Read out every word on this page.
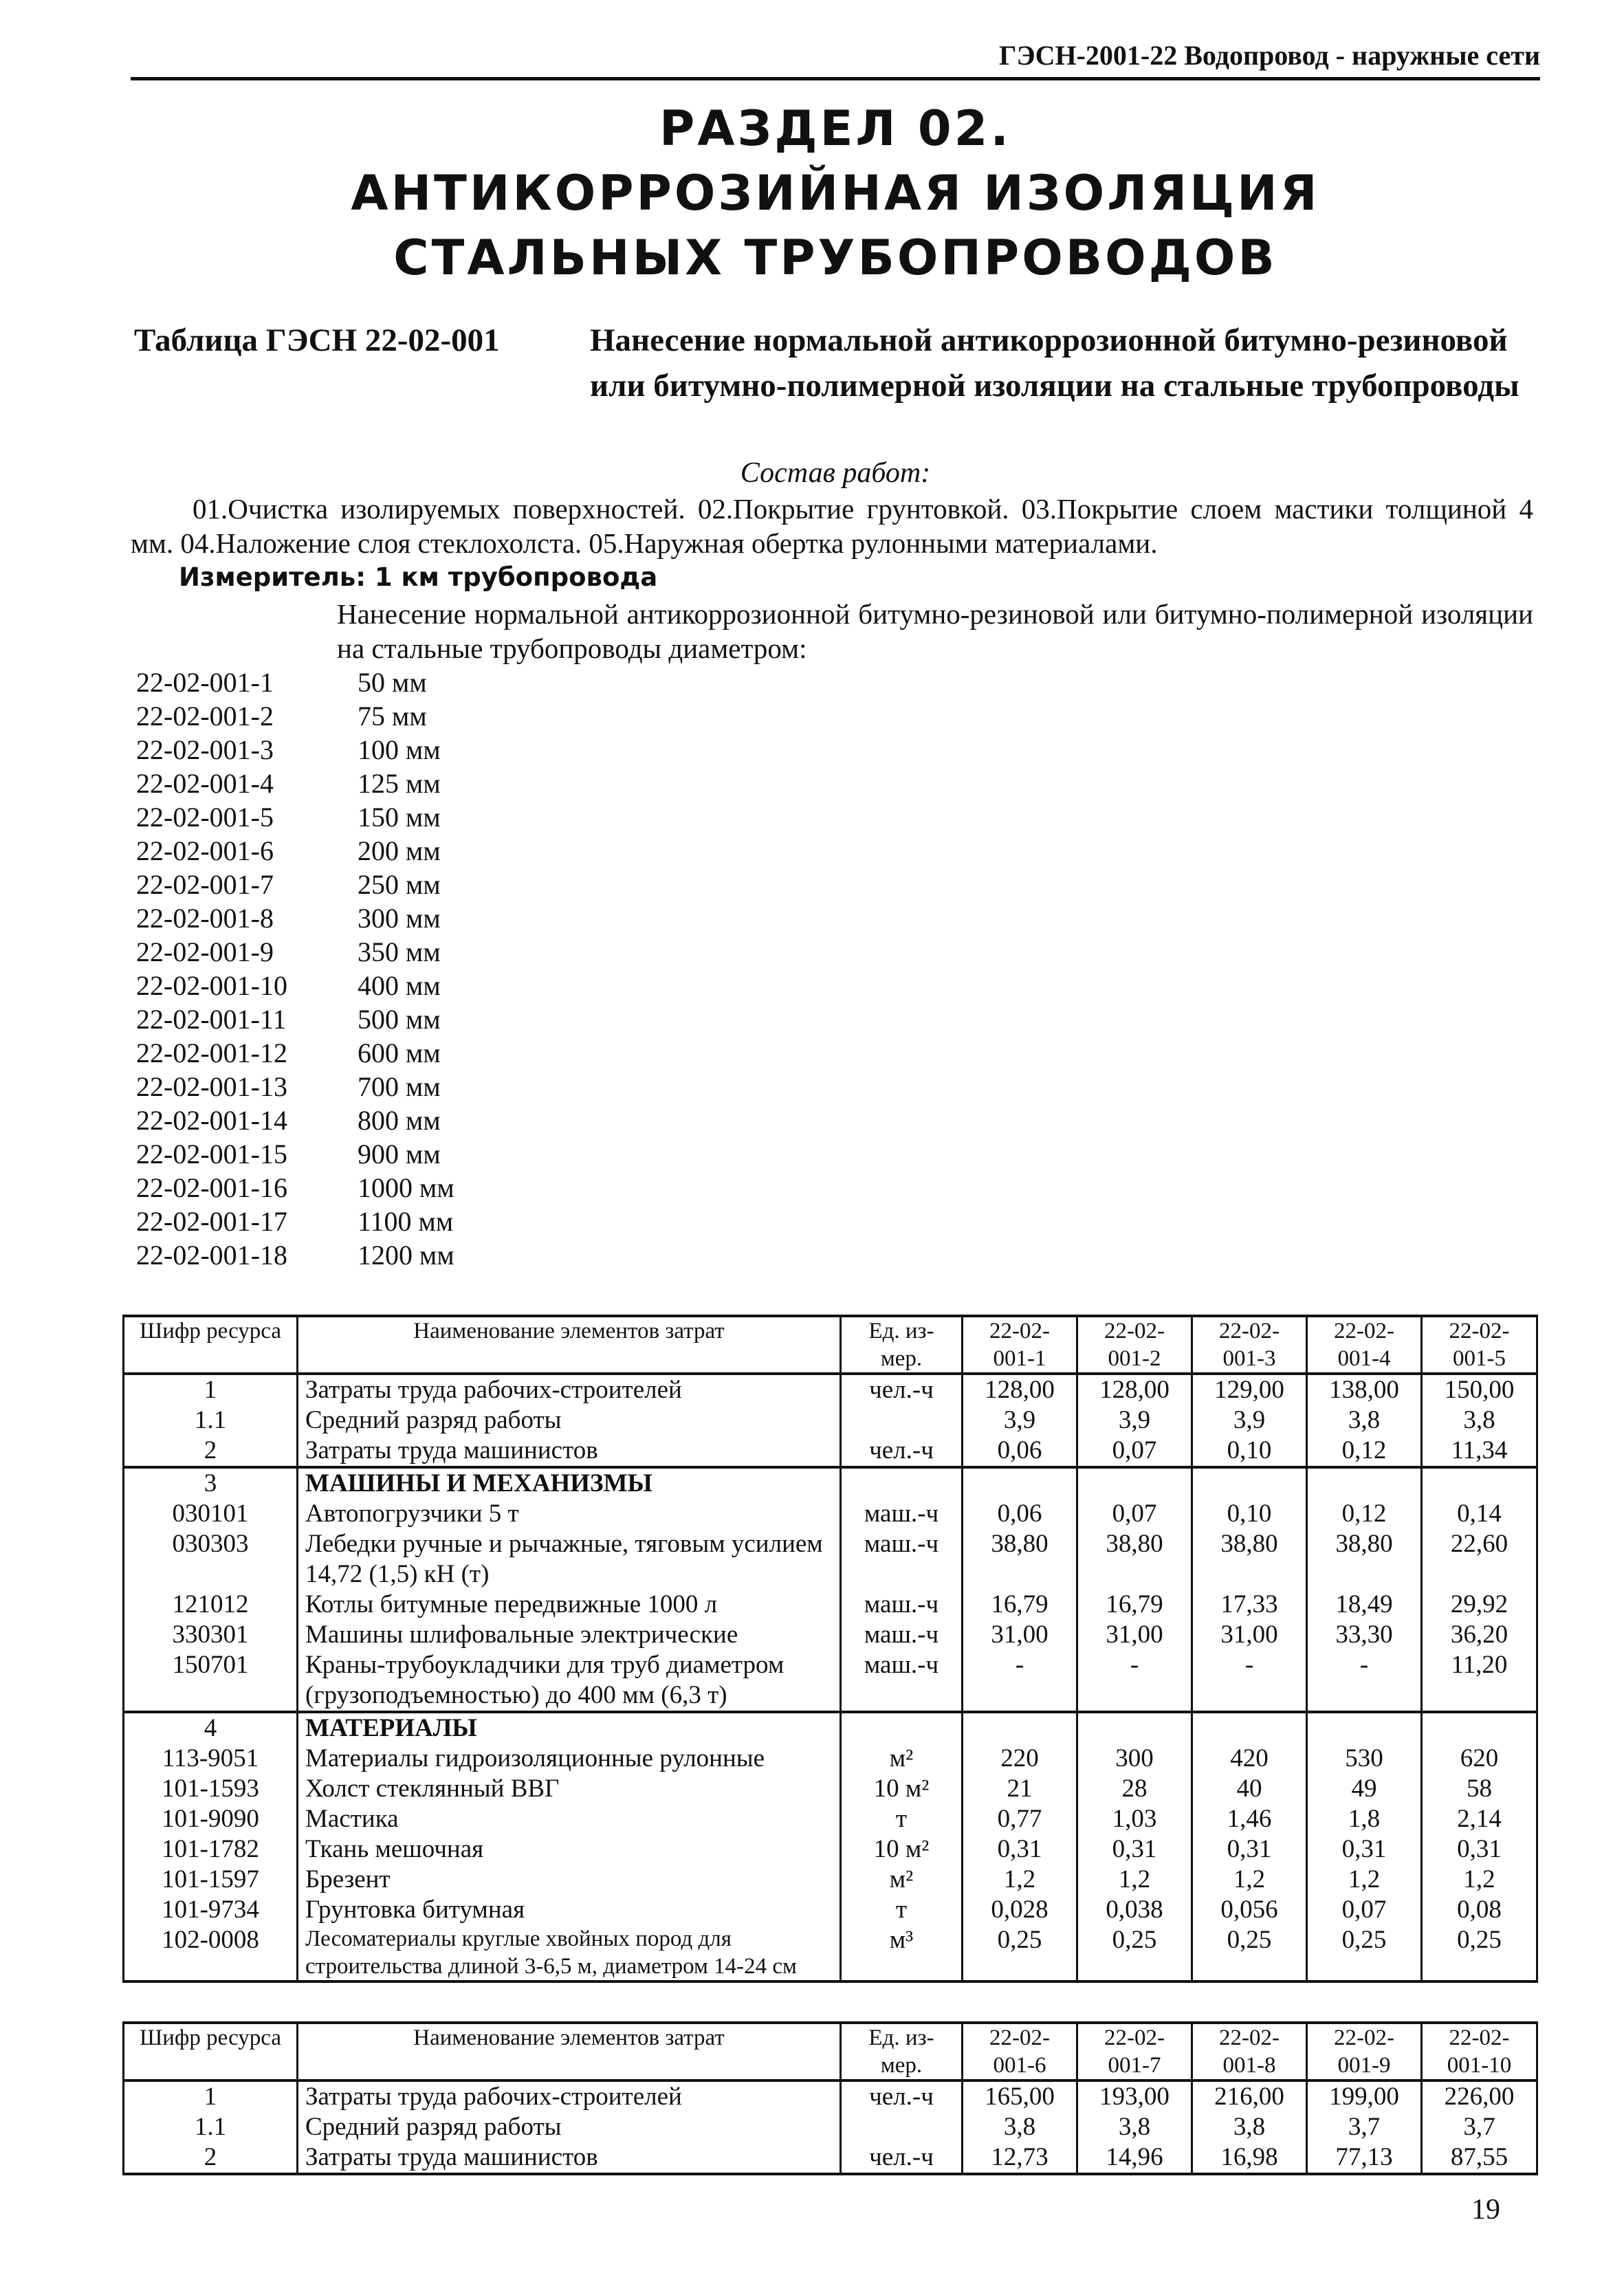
ГЭСН-2001-22 Водопровод - наружные сети
РАЗДЕЛ 02.
АНТИКОРРОЗИЙНАЯ ИЗОЛЯЦИЯ
СТАЛЬНЫХ ТРУБОПРОВОДОВ
Таблица ГЭСН 22-02-001	Нанесение нормальной антикоррозионной битумно-резиновой или битумно-полимерной изоляции на стальные трубопроводы
Состав работ:
01.Очистка изолируемых поверхностей. 02.Покрытие грунтовкой. 03.Покрытие слоем мастики толщиной 4 мм. 04.Наложение слоя стеклохолста. 05.Наружная обертка рулонными материалами.
Измеритель: 1 км трубопровода
Нанесение нормальной антикоррозионной битумно-резиновой или битумно-полимерной изоляции на стальные трубопроводы диаметром:
22-02-001-1	50 мм
22-02-001-2	75 мм
22-02-001-3	100 мм
22-02-001-4	125 мм
22-02-001-5	150 мм
22-02-001-6	200 мм
22-02-001-7	250 мм
22-02-001-8	300 мм
22-02-001-9	350 мм
22-02-001-10	400 мм
22-02-001-11	500 мм
22-02-001-12	600 мм
22-02-001-13	700 мм
22-02-001-14	800 мм
22-02-001-15	900 мм
22-02-001-16	1000 мм
22-02-001-17	1100 мм
22-02-001-18	1200 мм
Шифр ресурса	Наименование элементов затрат	Ед. из-мер.	22-02-001-1	22-02-001-2	22-02-001-3	22-02-001-4	22-02-001-5
1	Затраты труда рабочих-строителей	чел.-ч	128,00	128,00	129,00	138,00	150,00
1.1	Средний разряд работы		3,9	3,9	3,9	3,8	3,8
2	Затраты труда машинистов	чел.-ч	0,06	0,07	0,10	0,12	11,34
3	МАШИНЫ И МЕХАНИЗМЫ						
030101	Автопогрузчики 5 т	маш.-ч	0,06	0,07	0,10	0,12	0,14
030303	Лебедки ручные и рычажные, тяговым усилием 14,72 (1,5) кН (т)	маш.-ч	38,80	38,80	38,80	38,80	22,60
121012	Котлы битумные передвижные 1000 л	маш.-ч	16,79	16,79	17,33	18,49	29,92
330301	Машины шлифовальные электрические	маш.-ч	31,00	31,00	31,00	33,30	36,20
150701	Краны-трубоукладчики для труб диаметром (грузоподъемностью) до 400 мм (6,3 т)	маш.-ч	-	-	-	-	11,20
4	МАТЕРИАЛЫ						
113-9051	Материалы гидроизоляционные рулонные	м²	220	300	420	530	620
101-1593	Холст стеклянный ВВГ	10 м²	21	28	40	49	58
101-9090	Мастика	т	0,77	1,03	1,46	1,8	2,14
101-1782	Ткань мешочная	10 м²	0,31	0,31	0,31	0,31	0,31
101-1597	Брезент	м²	1,2	1,2	1,2	1,2	1,2
101-9734	Грунтовка битумная	т	0,028	0,038	0,056	0,07	0,08
102-0008	Лесоматериалы круглые хвойных пород для строительства длиной 3-6,5 м, диаметром 14-24 см	м³	0,25	0,25	0,25	0,25	0,25
Шифр ресурса	Наименование элементов затрат	Ед. из-мер.	22-02-001-6	22-02-001-7	22-02-001-8	22-02-001-9	22-02-001-10
1	Затраты труда рабочих-строителей	чел.-ч	165,00	193,00	216,00	199,00	226,00
1.1	Средний разряд работы		3,8	3,8	3,8	3,7	3,7
2	Затраты труда машинистов	чел.-ч	12,73	14,96	16,98	77,13	87,55
19
